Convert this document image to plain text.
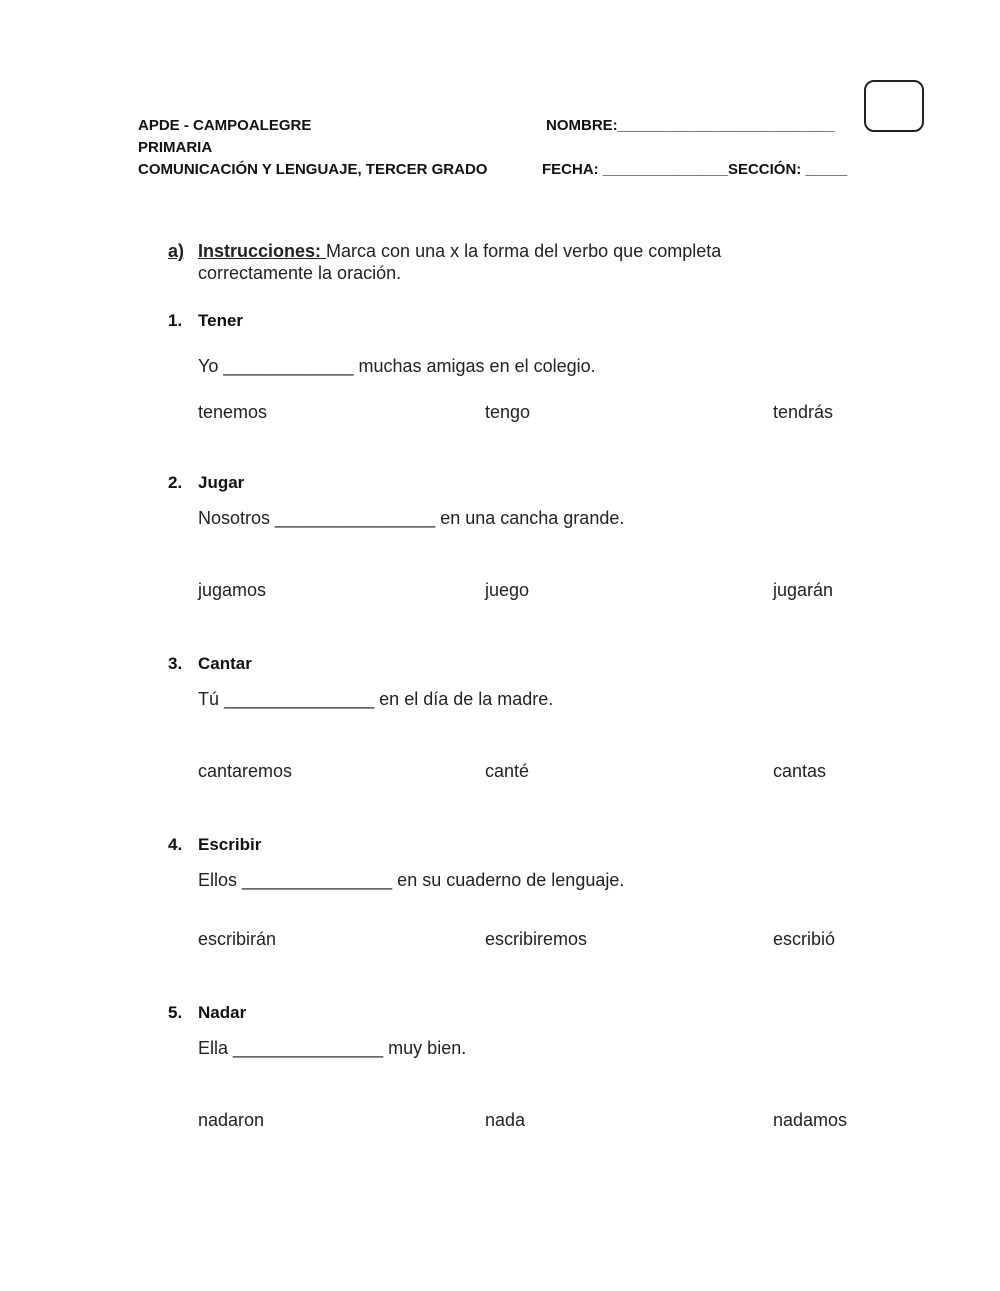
APDE - CAMPOALEGRE
PRIMARIA
COMUNICACIÓN Y LENGUAJE, TERCER GRADO
NOMBRE:__________________________
FECHA: _______________SECCIÓN: _____
a) Instrucciones: Marca con una x la forma del verbo que completa correctamente la oración.
1. Tener
Yo _____________ muchas amigas en el colegio.
tenemos	tengo	tendrás
2. Jugar
Nosotros ________________ en una cancha grande.
jugamos	juego	jugarán
3. Cantar
Tú _______________ en el día de la madre.
cantaremos	canté	cantas
4. Escribir
Ellos _______________ en su cuaderno de lenguaje.
escribirán	escribiremos	escribió
5. Nadar
Ella _______________ muy bien.
nadaron	nada	nadamos
